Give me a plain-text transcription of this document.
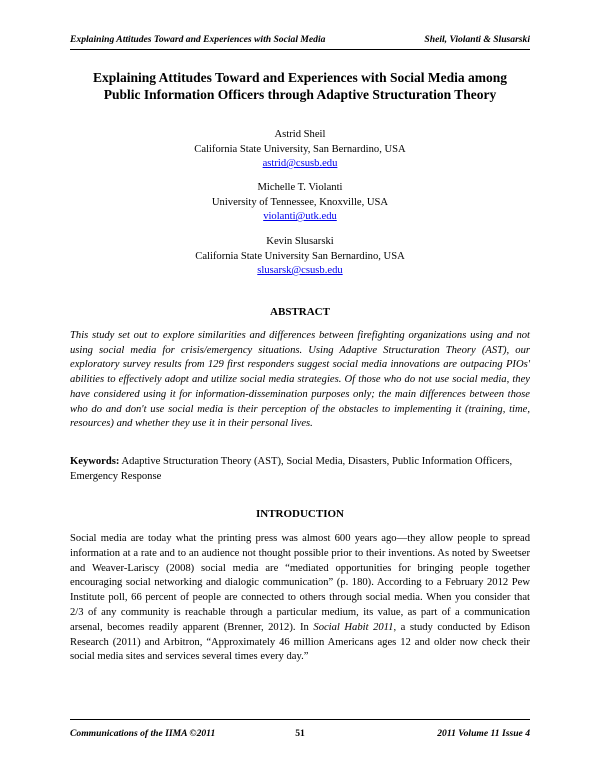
Explaining Attitudes Toward and Experiences with Social Media	Sheil, Violanti & Slusarski
Explaining Attitudes Toward and Experiences with Social Media among
Public Information Officers through Adaptive Structuration Theory
Astrid Sheil
California State University, San Bernardino, USA
astrid@csusb.edu
Michelle T. Violanti
University of Tennessee, Knoxville, USA
violanti@utk.edu
Kevin Slusarski
California State University San Bernardino, USA
slusarsk@csusb.edu
ABSTRACT
This study set out to explore similarities and differences between firefighting organizations using and not using social media for crisis/emergency situations. Using Adaptive Structuration Theory (AST), our exploratory survey results from 129 first responders suggest social media innovations are outpacing PIOs' abilities to effectively adopt and utilize social media strategies. Of those who do not use social media, they have considered using it for information-dissemination purposes only; the main differences between those who do and don't use social media is their perception of the obstacles to implementing it (training, time, resources) and whether they use it in their personal lives.
Keywords: Adaptive Structuration Theory (AST), Social Media, Disasters, Public Information Officers, Emergency Response
INTRODUCTION
Social media are today what the printing press was almost 600 years ago—they allow people to spread information at a rate and to an audience not thought possible prior to their inventions. As noted by Sweetser and Weaver-Lariscy (2008) social media are “mediated opportunities for bringing people together encouraging social networking and dialogic communication” (p. 180). According to a February 2012 Pew Institute poll, 66 percent of people are connected to others through social media. When you consider that 2/3 of any community is reachable through a particular medium, its value, as part of a communication arsenal, becomes readily apparent (Brenner, 2012). In Social Habit 2011, a study conducted by Edison Research (2011) and Arbitron, “Approximately 46 million Americans ages 12 and older now check their social media sites and services several times every day.”
Communications of the IIMA ©2011	51	2011 Volume 11 Issue 4
